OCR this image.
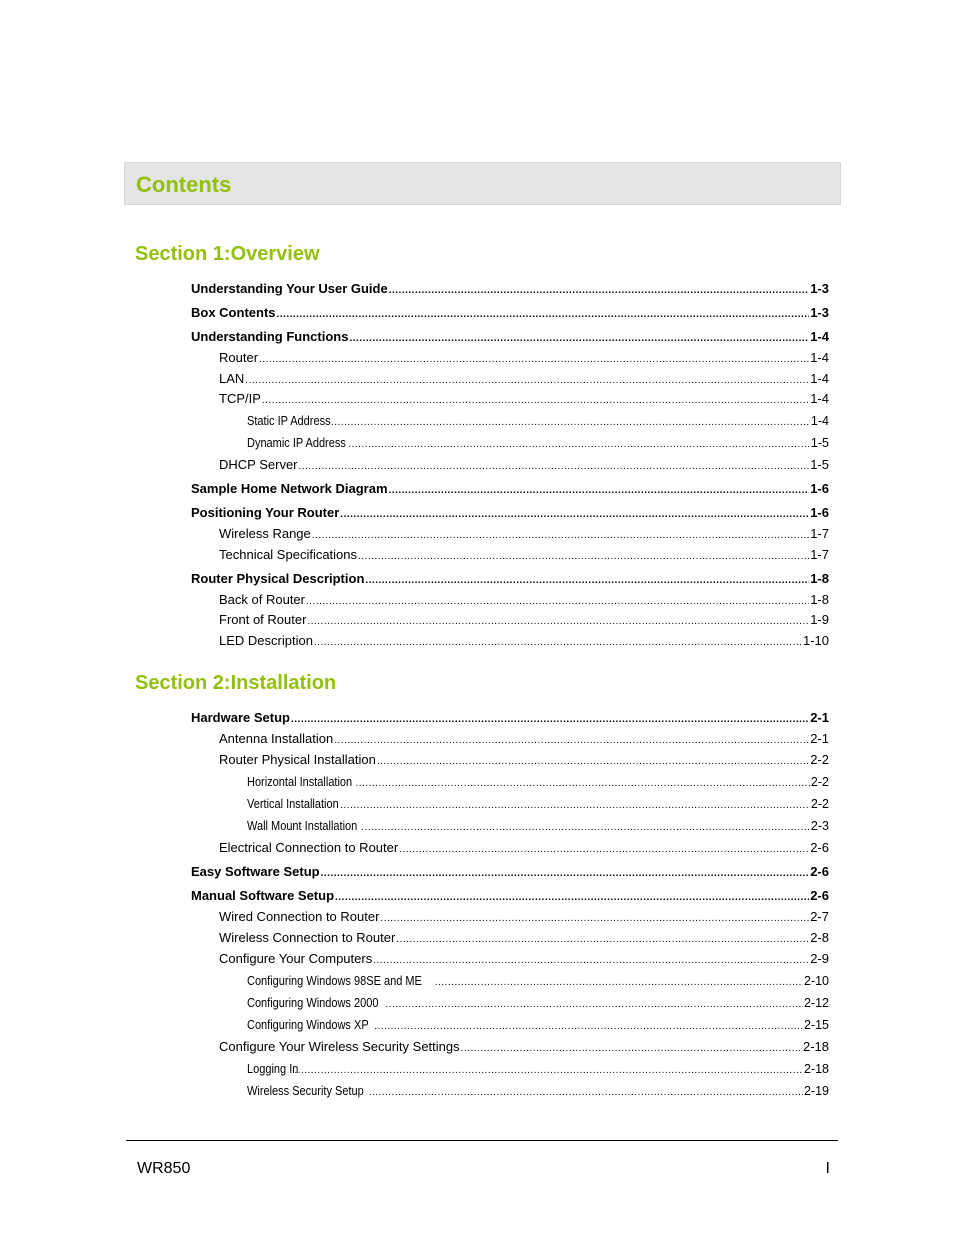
Contents
Section 1:Overview
Section 2:Installation
Understanding Your User Guide .....	1-3
Box Contents .....	1-3
Understanding Functions .....	1-4
Router .....	1-4
LAN .....	1-4
TCP/IP .....	1-4
Static IP Address .....	1-4
Dynamic IP Address .....	1-5
DHCP Server .....	1-5
Sample Home Network Diagram .....	1-6
Positioning Your Router .....	1-6
Wireless Range .....	1-7
Technical Specifications .....	1-7
Router Physical Description .....	1-8
Back of Router .....	1-8
Front of Router .....	1-9
LED Description .....	1-10
Hardware Setup .....	2-1
Antenna Installation .....	2-1
Router Physical Installation .....	2-2
Horizontal Installation .....	2-2
Vertical Installation .....	2-2
Wall Mount Installation .....	2-3
Electrical Connection to Router .....	2-6
Easy Software Setup .....	2-6
Manual Software Setup .....	2-6
Wired Connection to Router .....	2-7
Wireless Connection to Router .....	2-8
Configure Your Computers .....	2-9
Configuring Windows 98SE and ME .....	2-10
Configuring Windows 2000 .....	2-12
Configuring Windows XP .....	2-15
Configure Your Wireless Security Settings .....	2-18
Logging In .....	2-18
Wireless Security Setup .....	2-19
WR850	I
